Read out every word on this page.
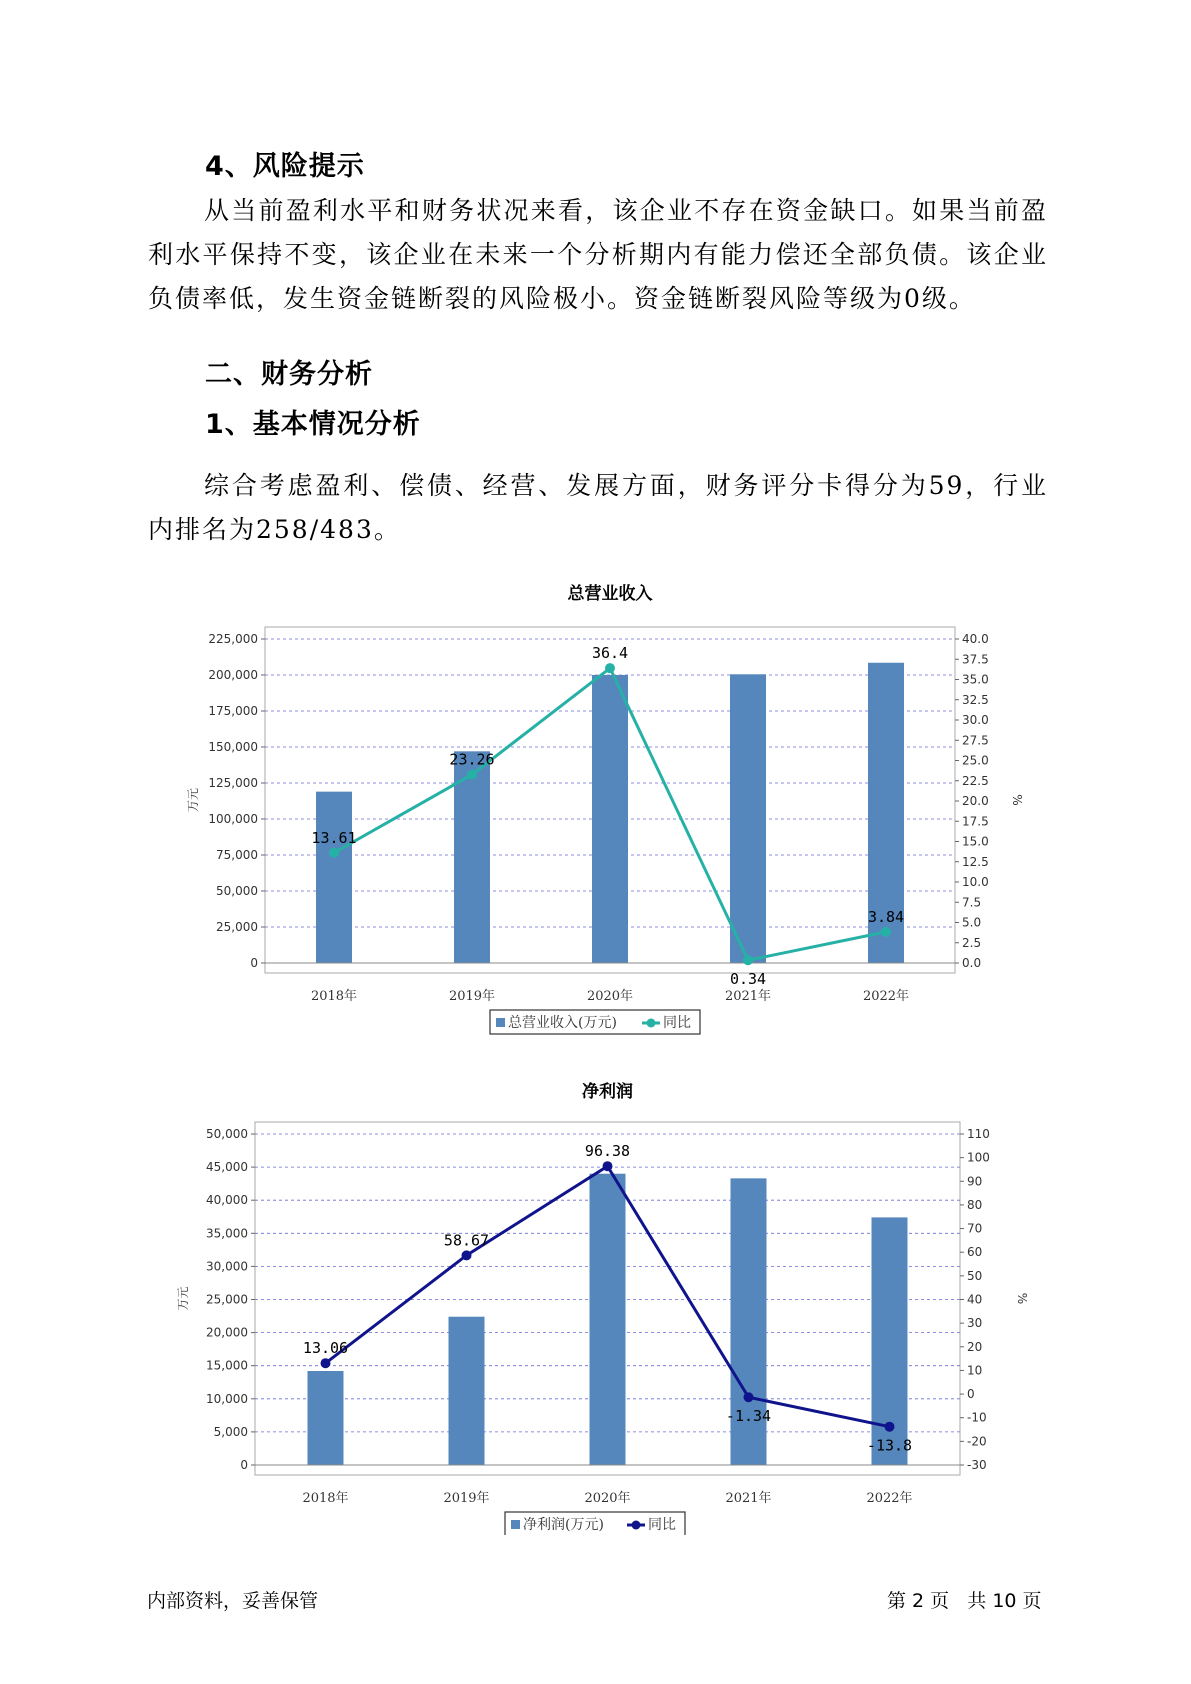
4、风险提示

从当前盈利水平和财务状况来看，该企业不存在资金缺口。如果当前盈利水平保持不变，该企业在未来一个分析期内有能力偿还全部负债。该企业负债率低，发生资金链断裂的风险极小。资金链断裂风险等级为0级。

二、财务分析
1、基本情况分析

综合考虑盈利、偿债、经营、发展方面，财务评分卡得分为59，行业内排名为258/483。

总营业收入
225,000
200,000
175,000
150,000
125,000
100,000
75,000
50,000
25,000
0
40.0
37.5
35.0
32.5
30.0
27.5
25.0
22.5
20.0
17.5
15.0
12.5
10.0
7.5
5.0
2.5
0.0
万元	%
2018年	2019年	2020年	2021年	2022年
13.61
23.26
36.4
0.34
3.84
总营业收入(万元)	同比
净利润
50,000
45,000
40,000
35,000
30,000
25,000
20,000
15,000
10,000
5,000
0
110
100
90
80
70
60
50
40
30
20
10
0
-10
-20
-30
万元	%
2018年	2019年	2020年	2021年	2022年
13.06
58.67
96.38
-1.34
-13.8
净利润(万元)	同比
内部资料，妥善保管	第 2 页   共 10 页
